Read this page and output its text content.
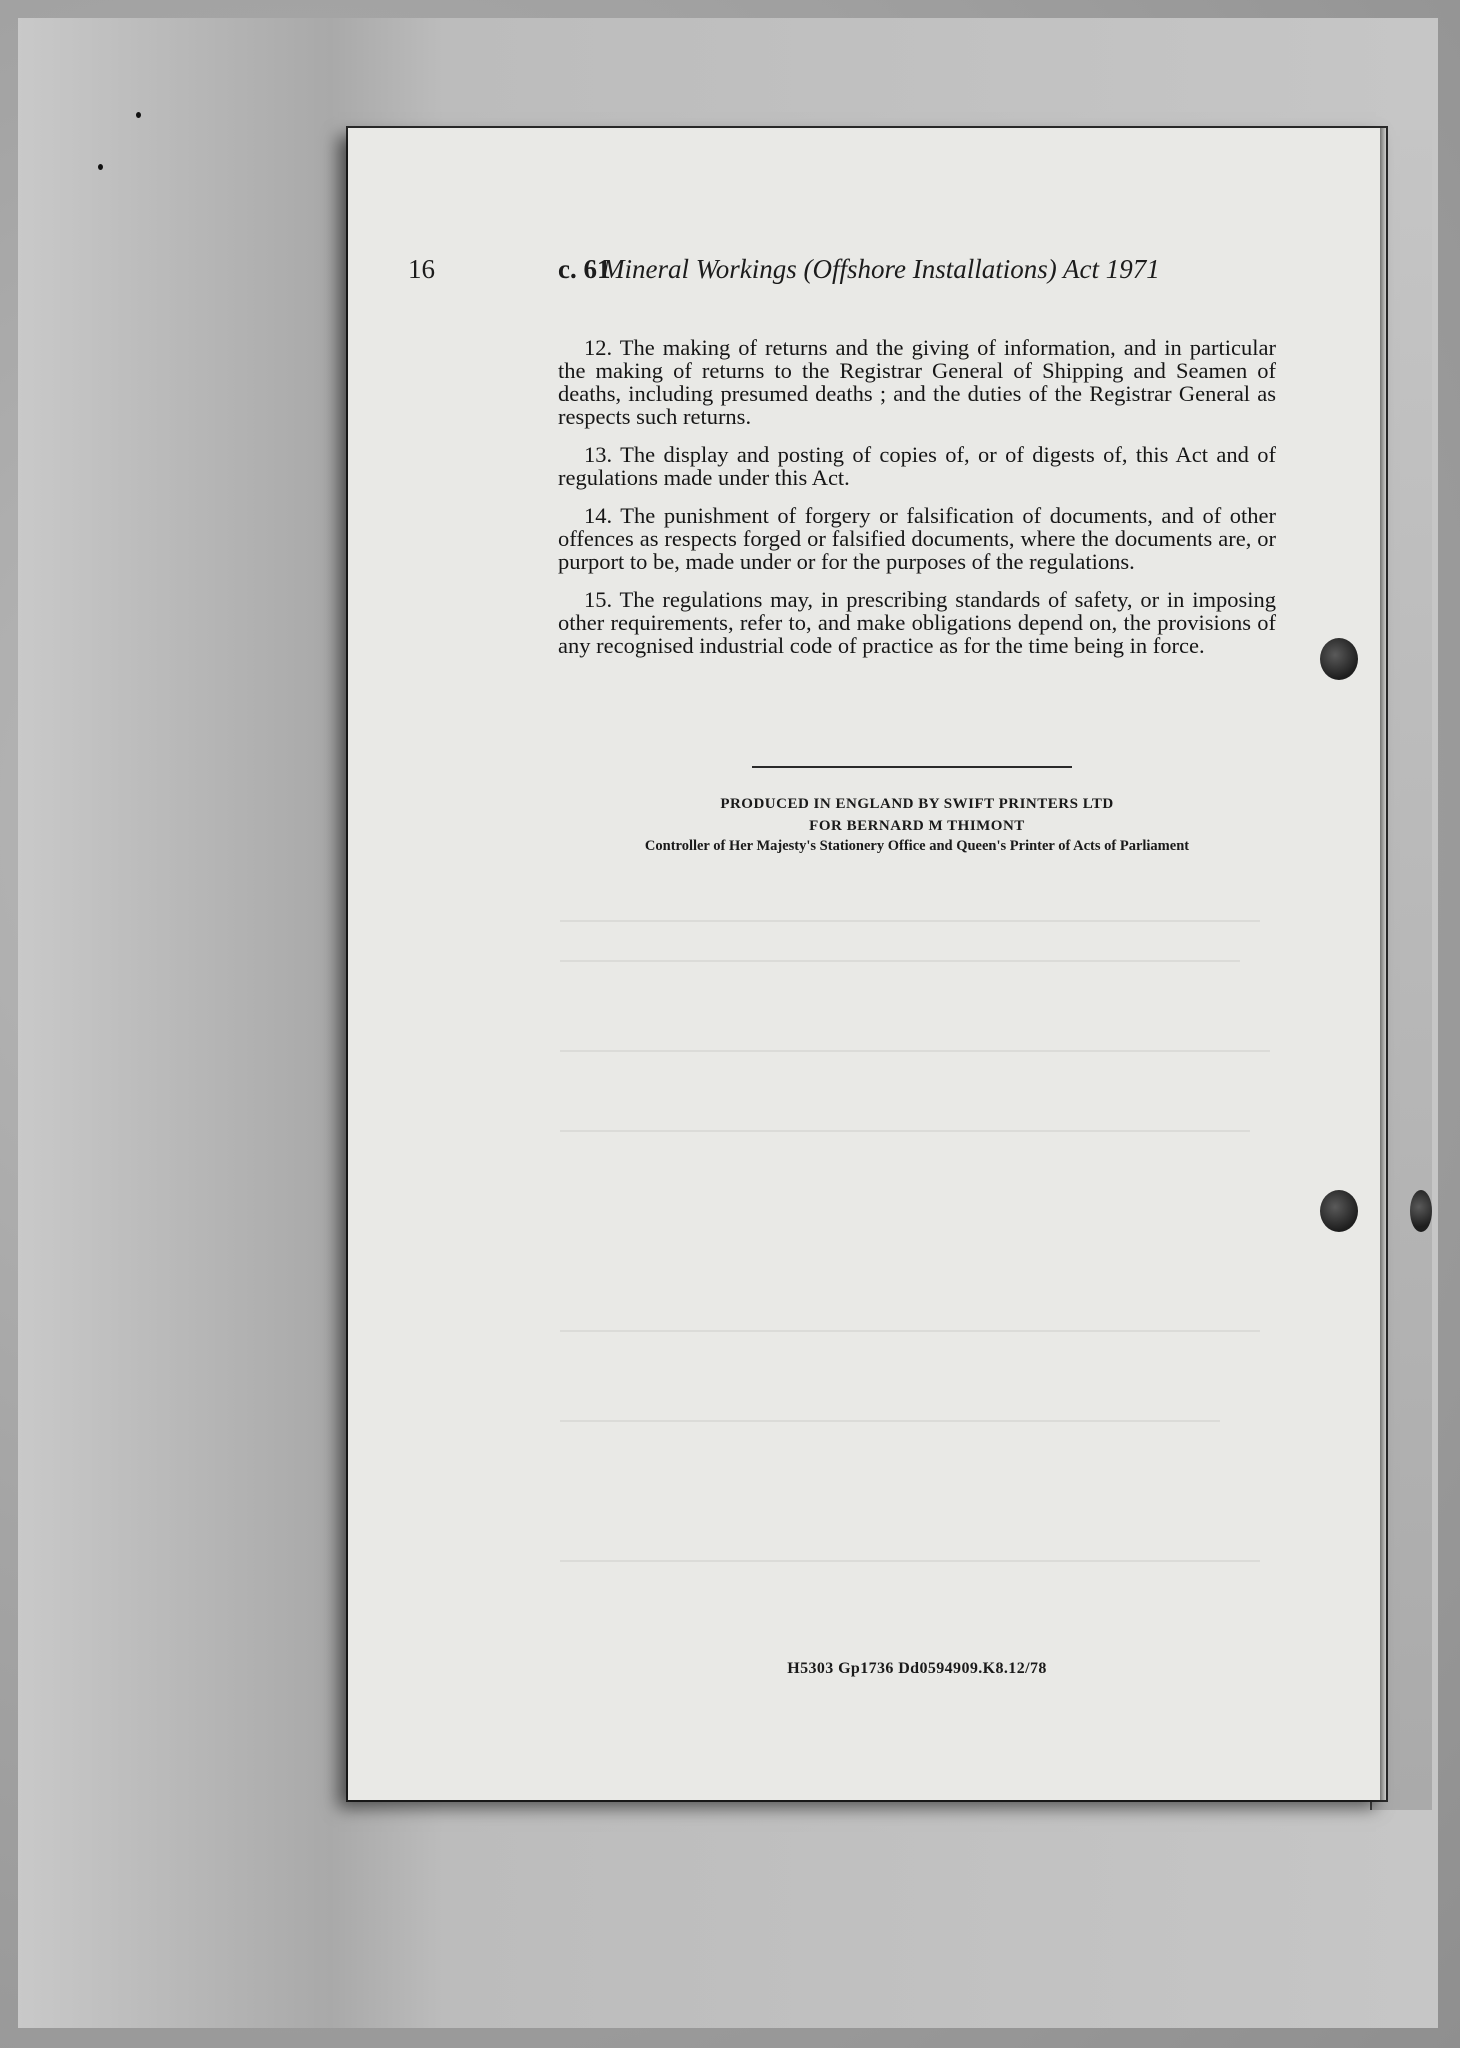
16	c. 61
Mineral Workings (Offshore Installations) Act 1971

12. The making of returns and the giving of information, and in particular the making of returns to the Registrar General of Shipping and Seamen of deaths, including presumed deaths ; and the duties of the Registrar General as respects such returns.

13. The display and posting of copies of, or of digests of, this Act and of regulations made under this Act.

14. The punishment of forgery or falsification of documents, and of other offences as respects forged or falsified documents, where the documents are, or purport to be, made under or for the purposes of the regulations.

15. The regulations may, in prescribing standards of safety, or in imposing other requirements, refer to, and make obligations depend on, the provisions of any recognised industrial code of practice as for the time being in force.

PRODUCED IN ENGLAND BY SWIFT PRINTERS LTD
FOR BERNARD M THIMONT
Controller of Her Majesty's Stationery Office and Queen's Printer of Acts of Parliament
H5303 Gp1736 Dd0594909.K8.12/78
